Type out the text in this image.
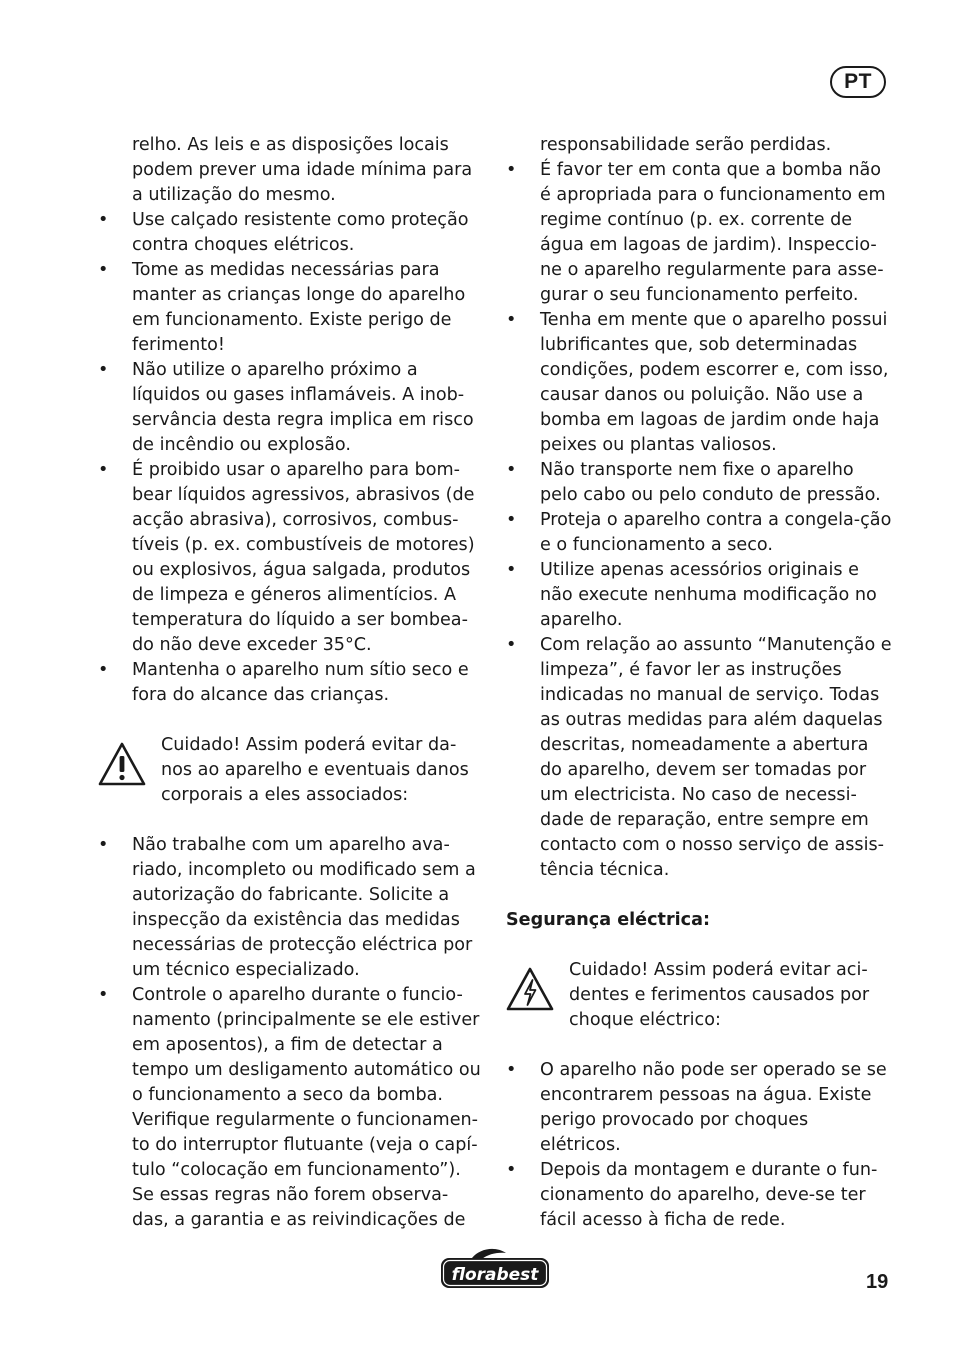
PT

relho. As leis e as disposições locais podem prever uma idade mínima para a utilização do mesmo.

• Use calçado resistente como proteção contra choques elétricos.
• Tome as medidas necessárias para manter as crianças longe do aparelho em funcionamento. Existe perigo de ferimento!
• Não utilize o aparelho próximo a líquidos ou gases inflamáveis. A inob-servância desta regra implica em risco de incêndio ou explosão.
• É proibido usar o aparelho para bom-bear líquidos agressivos, abrasivos (de acção abrasiva), corrosivos, combus-tíveis (p. ex. combustíveis de motores) ou explosivos, água salgada, produtos de limpeza e géneros alimentícios. A temperatura do líquido a ser bombea-do não deve exceder 35°C.
• Mantenha o aparelho num sítio seco e fora do alcance das crianças.
Cuidado! Assim poderá evitar da-nos ao aparelho e eventuais danos corporais a eles associados:
• Não trabalhe com um aparelho ava-riado, incompleto ou modificado sem a autorização do fabricante. Solicite a inspecção da existência das medidas necessárias de protecção eléctrica por um técnico especializado.
• Controle o aparelho durante o funcio-namento (principalmente se ele estiver em aposentos), a fim de detectar a tempo um desligamento automático ou o funcionamento a seco da bomba. Verifique regularmente o funcionamen-to do interruptor flutuante (veja o capí-tulo “colocação em funcionamento”). Se essas regras não forem observa-das, a garantia e as reivindicações de

responsabilidade serão perdidas.

• É favor ter em conta que a bomba não é apropriada para o funcionamento em regime contínuo (p. ex. corrente de água em lagoas de jardim). Inspeccio-ne o aparelho regularmente para asse-gurar o seu funcionamento perfeito.
• Tenha em mente que o aparelho possui lubrificantes que, sob determinadas condições, podem escorrer e, com isso, causar danos ou poluição. Não use a bomba em lagoas de jardim onde haja peixes ou plantas valiosos.
• Não transporte nem fixe o aparelho pelo cabo ou pelo conduto de pressão.
• Proteja o aparelho contra a congela-ção e o funcionamento a seco.
• Utilize apenas acessórios originais e não execute nenhuma modificação no aparelho.
• Com relação ao assunto “Manutenção e limpeza”, é favor ler as instruções indicadas no manual de serviço. Todas as outras medidas para além daquelas descritas, nomeadamente a abertura do aparelho, devem ser tomadas por um electricista. No caso de necessi-dade de reparação, entre sempre em contacto com o nosso serviço de assis-tência técnica.
Segurança eléctrica:
Cuidado! Assim poderá evitar aci-dentes e ferimentos causados por choque eléctrico:
• O aparelho não pode ser operado se se encontrarem pessoas na água. Existe perigo provocado por choques elétricos.
• Depois da montagem e durante o fun-cionamento do aparelho, deve-se ter fácil acesso à ficha de rede.
florabest	19
